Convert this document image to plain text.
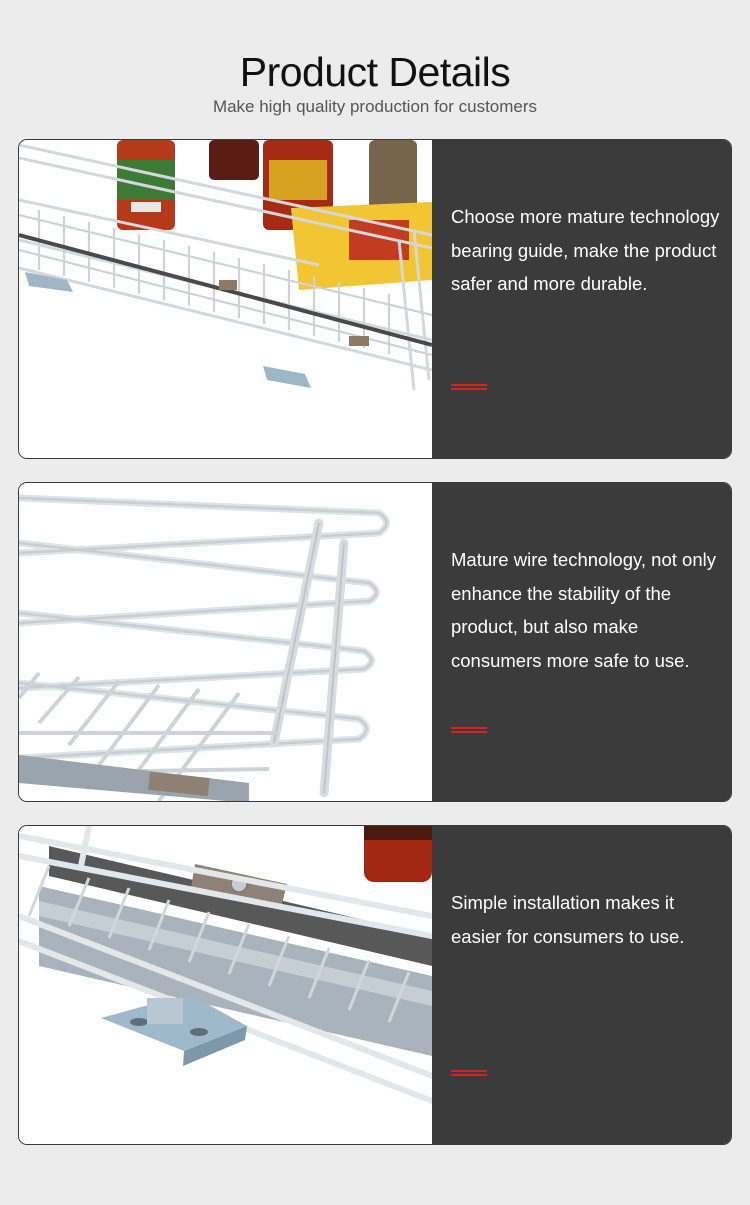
Product Details
Make high quality production for customers
Choose more mature technology bearing guide, make the product safer and more durable.
Mature wire technology, not only enhance the stability of the product, but also make consumers more safe to use.
Simple installation makes it easier for consumers to use.
